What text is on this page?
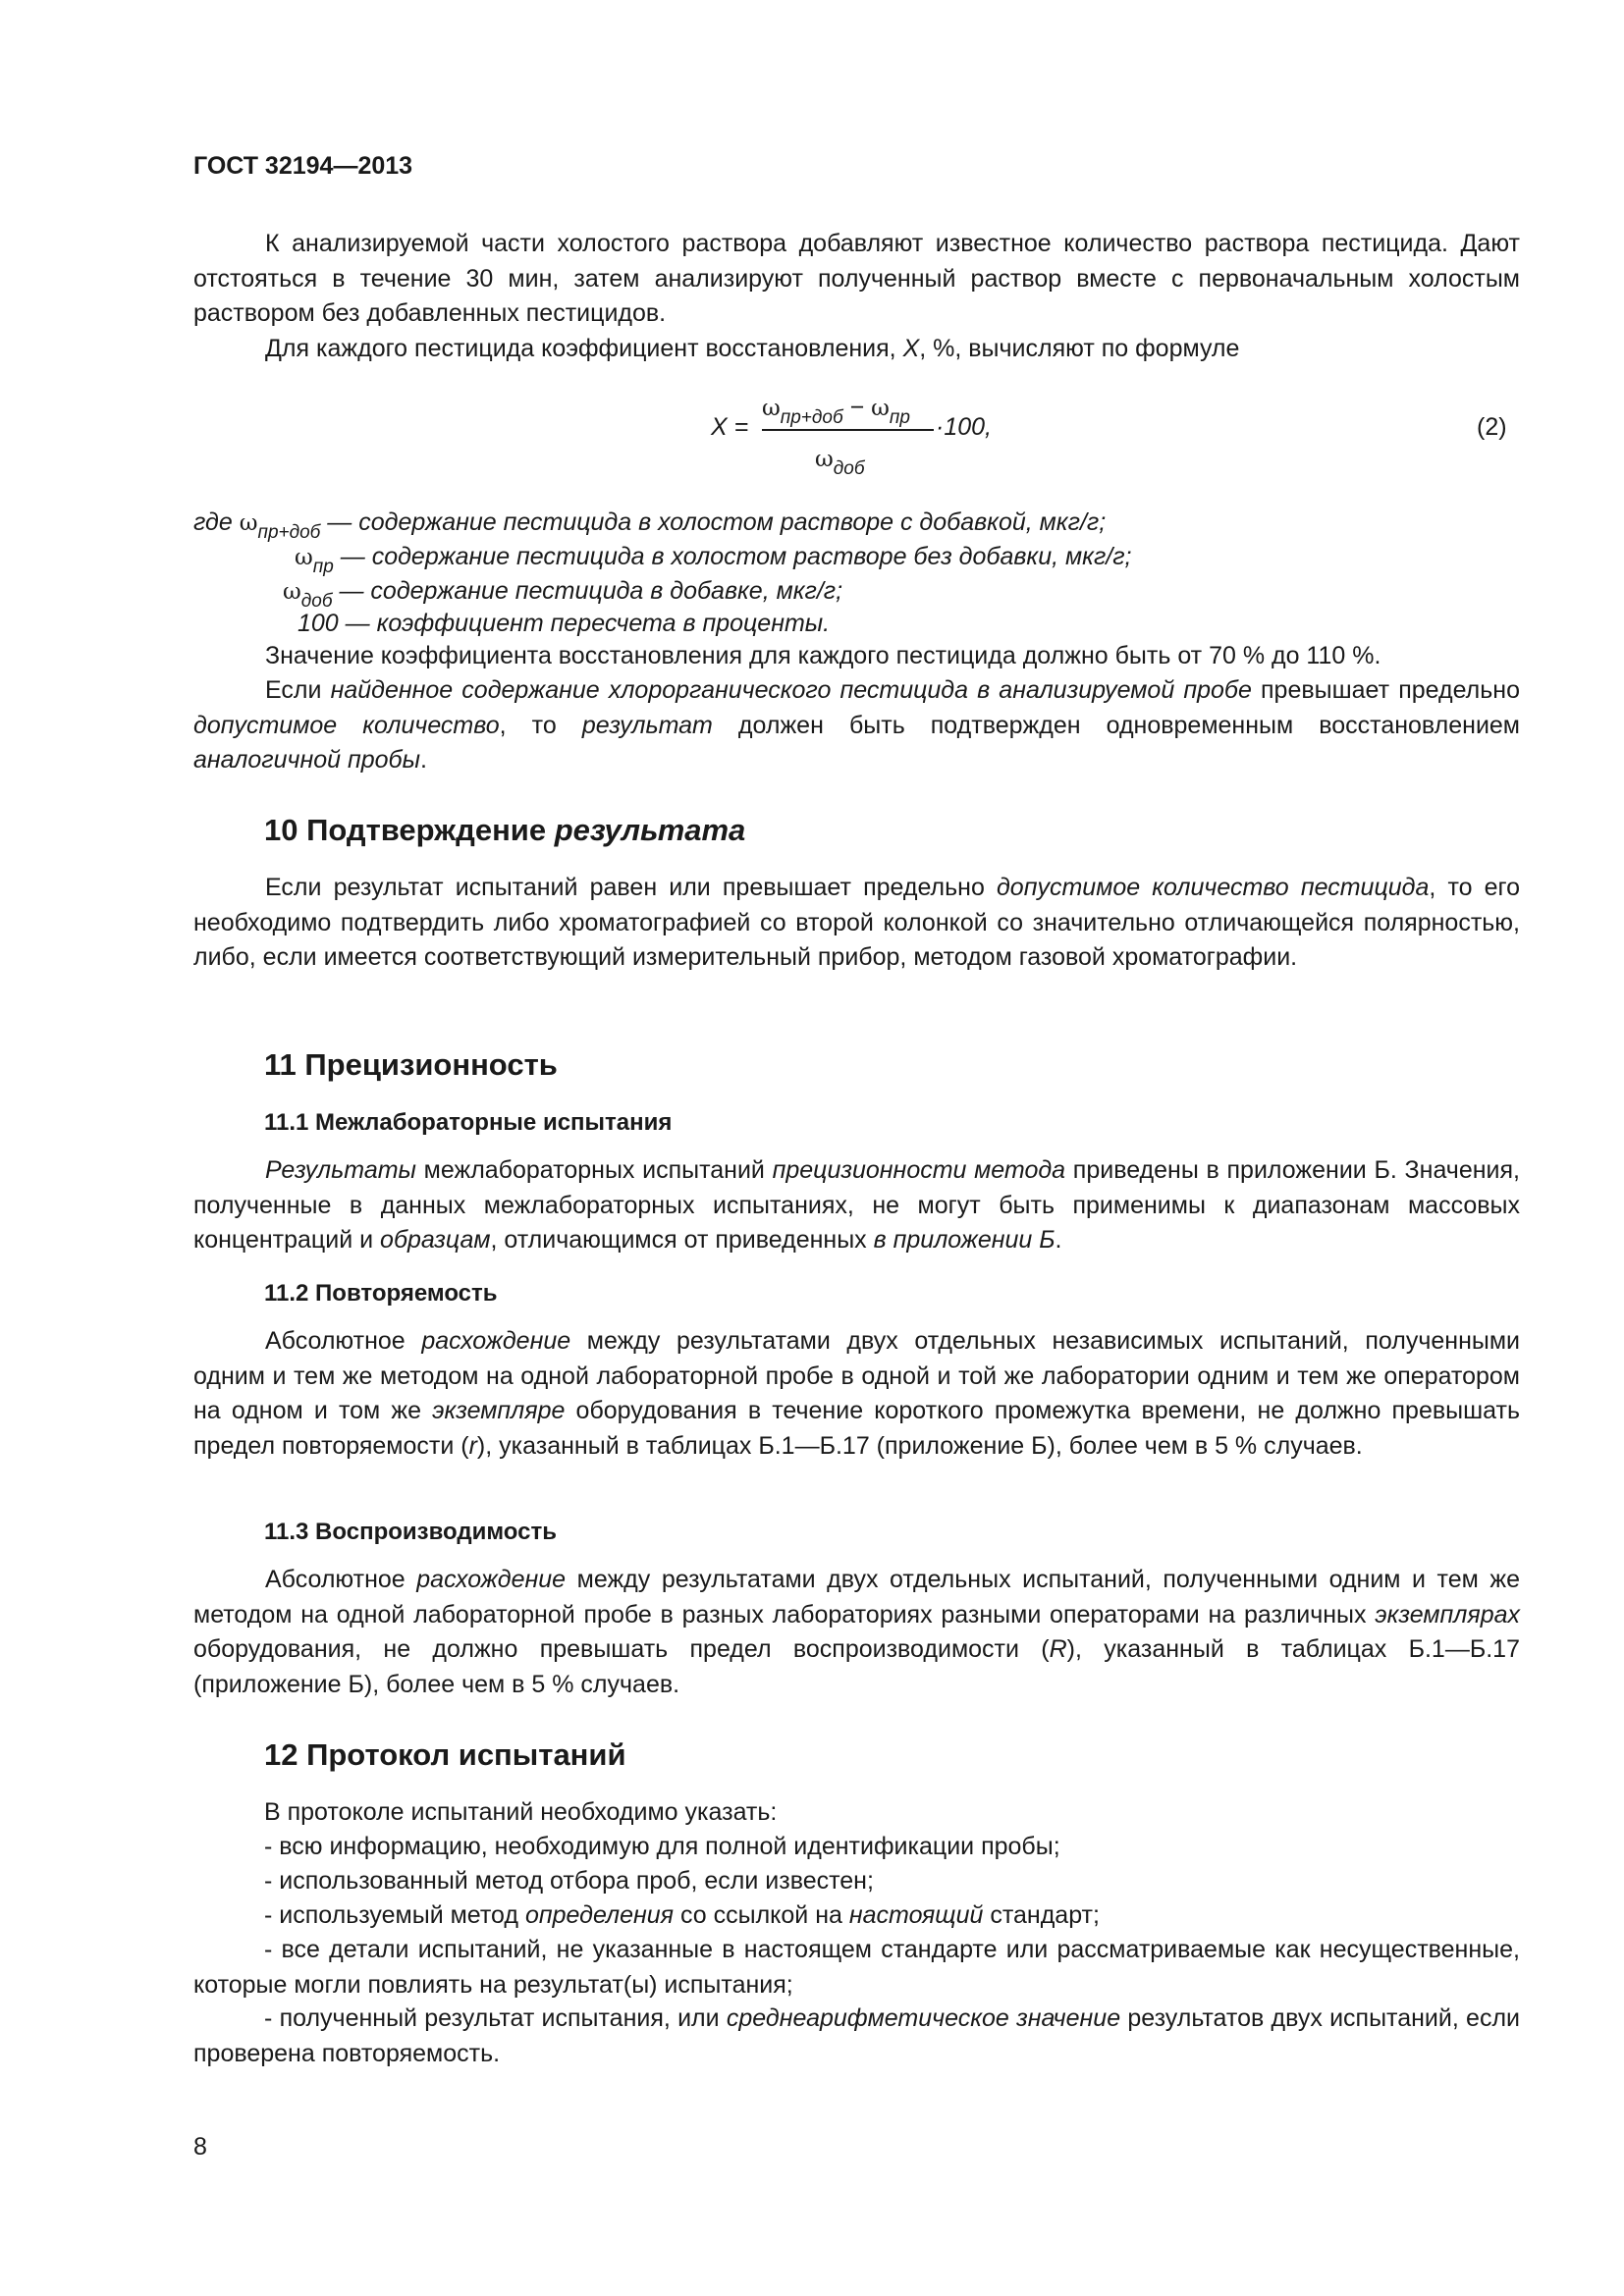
ГОСТ 32194—2013

К анализируемой части холостого раствора добавляют известное количество раствора пестицида. Дают отстояться в течение 30 мин, затем анализируют полученный раствор вместе с первоначальным холостым раствором без добавленных пестицидов.

Для каждого пестицида коэффициент восстановления, X, %, вычисляют по формуле

X =
$\omega_{пр+доб} - \omega_{пр}$
$\omega_{доб}$
·100,	(2)
где $\omega_{пр+доб}$ — содержание пестицида в холостом растворе с добавкой, мкг/г;
$\omega_{пр}$ — содержание пестицида в холостом растворе без добавки, мкг/г;
$\omega_{доб}$ — содержание пестицида в добавке, мкг/г;
100 — коэффициент пересчета в проценты.

Значение коэффициента восстановления для каждого пестицида должно быть от 70 % до 110 %.

Если найденное содержание хлорорганического пестицида в анализируемой пробе превышает предельно допустимое количество, то результат должен быть подтвержден одновременным восстановлением аналогичной пробы.

10 Подтверждение результата

Если результат испытаний равен или превышает предельно допустимое количество пестицида, то его необходимо подтвердить либо хроматографией со второй колонкой со значительно отличающейся полярностью, либо, если имеется соответствующий измерительный прибор, методом газовой хроматографии.

11 Прецизионность
11.1 Межлабораторные испытания

Результаты межлабораторных испытаний прецизионности метода приведены в приложении Б. Значения, полученные в данных межлабораторных испытаниях, не могут быть применимы к диапазонам массовых концентраций и образцам, отличающимся от приведенных в приложении Б.

11.2 Повторяемость

Абсолютное расхождение между результатами двух отдельных независимых испытаний, полученными одним и тем же методом на одной лабораторной пробе в одной и той же лаборатории одним и тем же оператором на одном и том же экземпляре оборудования в течение короткого промежутка времени, не должно превышать предел повторяемости (r), указанный в таблицах Б.1—Б.17 (приложение Б), более чем в 5 % случаев.

11.3 Воспроизводимость

Абсолютное расхождение между результатами двух отдельных испытаний, полученными одним и тем же методом на одной лабораторной пробе в разных лабораториях разными операторами на различных экземплярах оборудования, не должно превышать предел воспроизводимости (R), указанный в таблицах Б.1—Б.17 (приложение Б), более чем в 5 % случаев.

12 Протокол испытаний

В протоколе испытаний необходимо указать:

- всю информацию, необходимую для полной идентификации пробы;

- использованный метод отбора проб, если известен;

- используемый метод определения со ссылкой на настоящий стандарт;

- все детали испытаний, не указанные в настоящем стандарте или рассматриваемые как несущественные, которые могли повлиять на результат(ы) испытания;

- полученный результат испытания, или среднеарифметическое значение результатов двух испытаний, если проверена повторяемость.

8
